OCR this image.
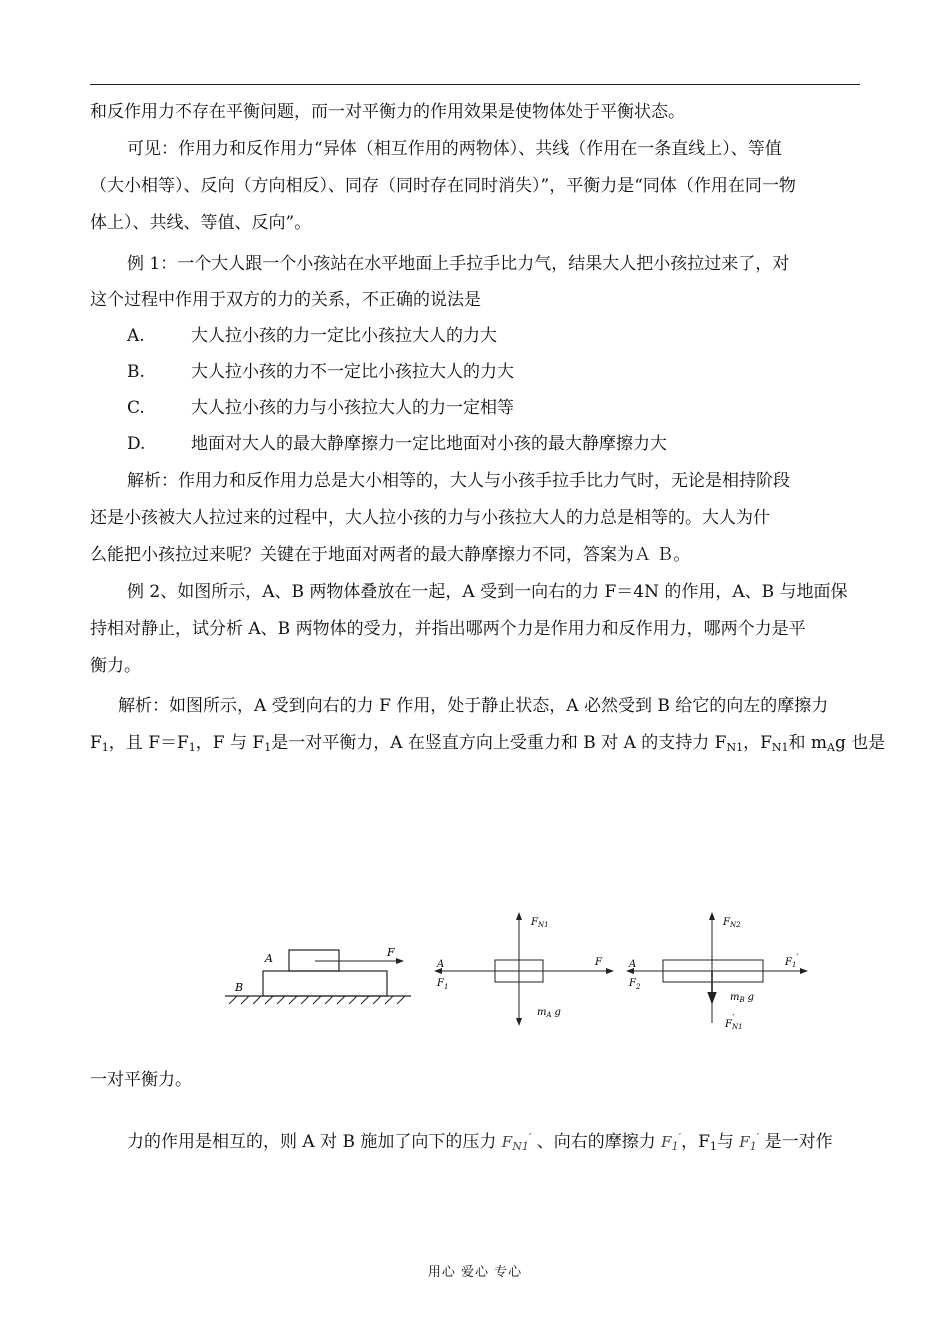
和反作用力不存在平衡问题，而一对平衡力的作用效果是使物体处于平衡状态。
可见：作用力和反作用力“异体（相互作用的两物体）、共线（作用在一条直线上）、等值
（大小相等）、反向（方向相反）、同存（同时存在同时消失）”，平衡力是“同体（作用在同一物
体上）、共线、等值、反向”。
例 1：一个大人跟一个小孩站在水平地面上手拉手比力气，结果大人把小孩拉过来了，对
这个过程中作用于双方的力的关系，不正确的说法是
A.	大人拉小孩的力一定比小孩拉大人的力大
B.	大人拉小孩的力不一定比小孩拉大人的力大
C.	大人拉小孩的力与小孩拉大人的力一定相等
D.	地面对大人的最大静摩擦力一定比地面对小孩的最大静摩擦力大
解析：作用力和反作用力总是大小相等的，大人与小孩手拉手比力气时，无论是相持阶段
还是小孩被大人拉过来的过程中，大人拉小孩的力与小孩拉大人的力总是相等的。大人为什
么能把小孩拉过来呢？关键在于地面对两者的最大静摩擦力不同，答案为Ａ Ｂ。
例 2、如图所示，A、B 两物体叠放在一起，A 受到一向右的力 F＝4N 的作用，A、B 与地面保
持相对静止，试分析 A、B 两物体的受力，并指出哪两个力是作用力和反作用力，哪两个力是平
衡力。
解析：如图所示，A 受到向右的力 F 作用，处于静止状态，A 必然受到 B 给它的向左的摩擦力
$F_1$，且 $F=F_1$，F 与 $F_1$是一对平衡力，A 在竖直方向上受重力和 B 对 A 的支持力 $F_{N1}$，$F_{N1}$和 $m_Ag$ 也是
A
B
F
$F_{N1}$
A
$F_1$
F
$m_A$ g
$F_{N2}$
A
$F_2$
$F_1'$
$m_B$ g
$F_{N1}'$
一对平衡力。
力的作用是相互的，则 A 对 B 施加了向下的压力 $F_{N1}'$ 、向右的摩擦力 $F_1'$，$F_1$与 $F_1'$ 是一对作
用心 爱心 专心
